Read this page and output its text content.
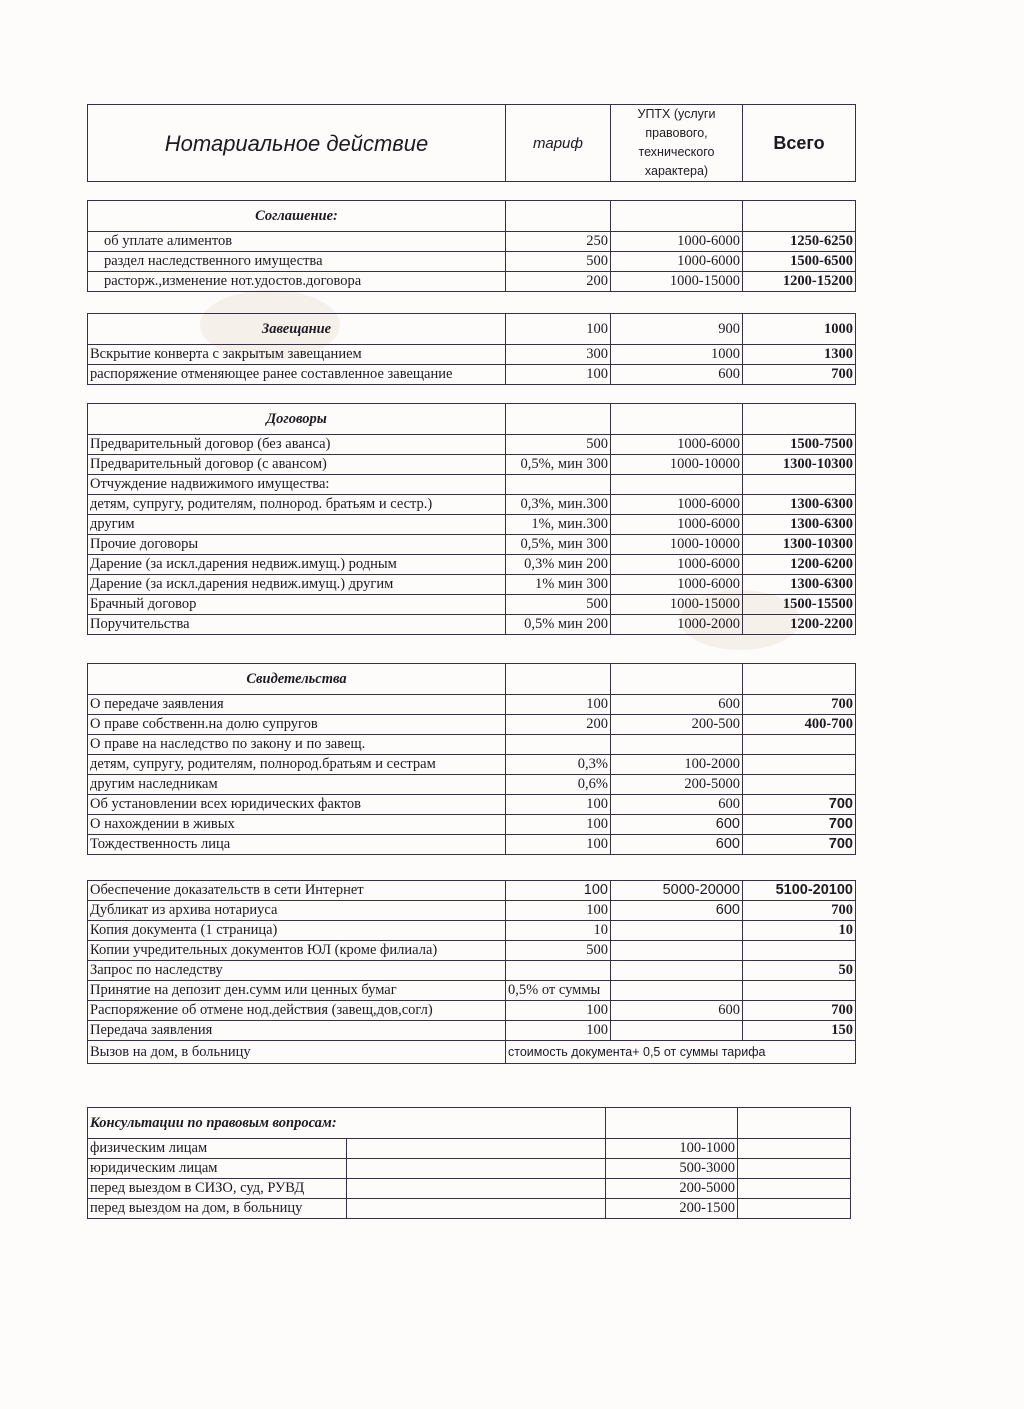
Нотариальное действие	тариф	УПТХ (услуги правового, технического характера)	Всего
Соглашение:			
об уплате алиментов	250	1000-6000	1250-6250
раздел наследственного имущества	500	1000-6000	1500-6500
расторж.,изменение нот.удостов.договора	200	1000-15000	1200-15200
Завещание	100	900	1000
Вскрытие конверта с закрытым завещанием	300	1000	1300
распоряжение отменяющее ранее составленное завещание	100	600	700
Договоры			
Предварительный договор (без аванса)	500	1000-6000	1500-7500
Предварительный договор (с авансом)	0,5%, мин 300	1000-10000	1300-10300
Отчуждение надвижимого имущества:			
детям, супругу, родителям, полнород. братьям и сестр.)	0,3%, мин.300	1000-6000	1300-6300
другим	1%, мин.300	1000-6000	1300-6300
Прочие договоры	0,5%, мин 300	1000-10000	1300-10300
Дарение (за искл.дарения недвиж.имущ.) родным	0,3% мин 200	1000-6000	1200-6200
Дарение (за искл.дарения недвиж.имущ.) другим	1% мин 300	1000-6000	1300-6300
Брачный договор	500	1000-15000	1500-15500
Поручительства	0,5% мин 200	1000-2000	1200-2200
Свидетельства			
О передаче заявления	100	600	700
О праве собственн.на долю супругов	200	200-500	400-700
О праве на наследство по закону и по завещ.			
детям, супругу, родителям, полнород.братьям и сестрам	0,3%	100-2000	
другим наследникам	0,6%	200-5000	
Об установлении всех юридических фактов	100	600	700
О нахождении в живых	100	600	700
Тождественность лица	100	600	700
Обеспечение доказательств в сети Интернет	100	5000-20000	5100-20100
Дубликат из архива нотариуса	100	600	700
Копия документа (1 страница)	10		10
Копии учредительных документов ЮЛ (кроме филиала)	500		
Запрос по наследству			50
Принятие на депозит ден.сумм или ценных бумаг	0,5% от суммы		
Распоряжение об отмене нод.действия (завещ,дов,согл)	100	600	700
Передача заявления	100		150
Вызов на дом, в больницу	стоимость документа+ 0,5 от суммы тарифа		
Консультации по правовым вопросам:			
физическим лицам		100-1000	
юридическим лицам		500-3000	
перед выездом в СИЗО, суд, РУВД		200-5000	
перед выездом на дом, в больницу		200-1500	
